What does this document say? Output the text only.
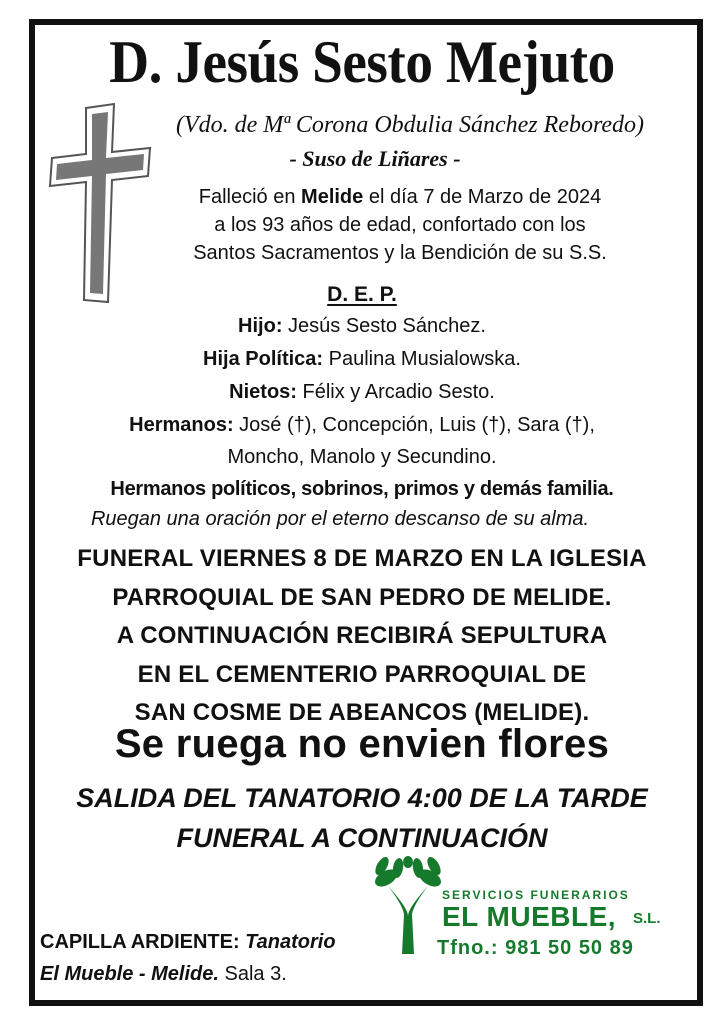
D. Jesús Sesto Mejuto
(Vdo. de Mª Corona Obdulia Sánchez Reboredo)
- Suso de Liñares -
Falleció en Melide el día 7 de Marzo de 2024
a los 93 años de edad, confortado con los
Santos Sacramentos y la Bendición de su S.S.
D. E. P.
Hijo: Jesús Sesto Sánchez.
Hija Política: Paulina Musialowska.
Nietos: Félix y Arcadio Sesto.
Hermanos: José (†), Concepción, Luis (†), Sara (†),
Moncho, Manolo y Secundino.
Hermanos políticos, sobrinos, primos y demás familia.
Ruegan una oración por el eterno descanso de su alma.
FUNERAL VIERNES 8 DE MARZO EN LA IGLESIA
PARROQUIAL DE SAN PEDRO DE MELIDE.
A CONTINUACIÓN RECIBIRÁ SEPULTURA
EN EL CEMENTERIO PARROQUIAL DE
SAN COSME DE ABEANCOS (MELIDE).
Se ruega no envien flores
SALIDA DEL TANATORIO 4:00 DE LA TARDE
FUNERAL A CONTINUACIÓN
CAPILLA ARDIENTE: Tanatorio
El Mueble - Melide. Sala 3.
SERVICIOS FUNERARIOS
EL MUEBLE, S.L.
Tfno.: 981 50 50 89
